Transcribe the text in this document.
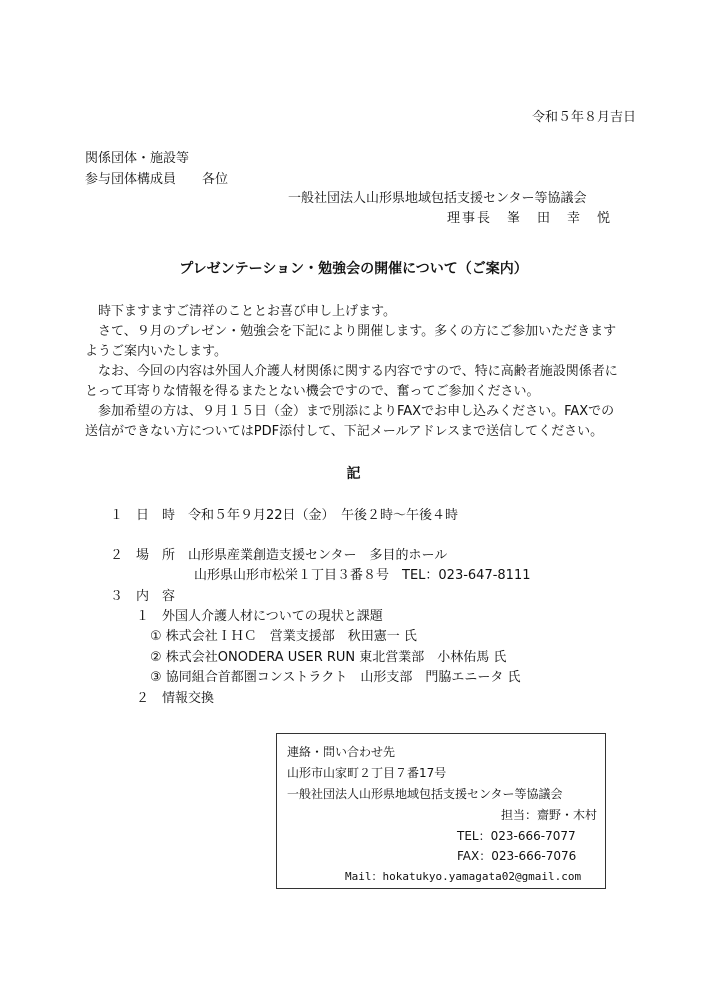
令和５年８月吉日
関係団体・施設等
参与団体構成員　　各位
一般社団法人山形県地域包括支援センター等協議会
理事長　峯　田　幸　悦
プレゼンテーション・勉強会の開催について（ご案内）

時下ますますご清祥のこととお喜び申し上げます。

さて、９月のプレゼン・勉強会を下記により開催します。多くの方にご参加いただきます

ようご案内いたします。

なお、今回の内容は外国人介護人材関係に関する内容ですので、特に高齢者施設関係者に

とって耳寄りな情報を得るまたとない機会ですので、奮ってご参加ください。

参加希望の方は、９月１５日（金）まで別添によりFAXでお申し込みください。FAXでの

送信ができない方についてはPDF添付して、下記メールアドレスまで送信してください。

記
１　日　時　令和５年９月22日（金）　午後２時～午後４時
２　場　所　山形県産業創造支援センター　多目的ホール
山形県山形市松栄１丁目３番８号　TEL：023-647-8111
３　内　容
１　外国人介護人材についての現状と課題
① 株式会社ＩＨＣ　営業支援部　秋田憲一 氏
② 株式会社ONODERA USER RUN 東北営業部　小林佑馬 氏
③ 協同組合首都圏コンストラクト　山形支部　門脇エニータ 氏
２　情報交換
連絡・問い合わせ先
山形市山家町２丁目７番17号
一般社団法人山形県地域包括支援センター等協議会
担当：齋野・木村
TEL：023-666-7077
FAX：023-666-7076
Mail：hokatukyo.yamagata02@gmail.com
